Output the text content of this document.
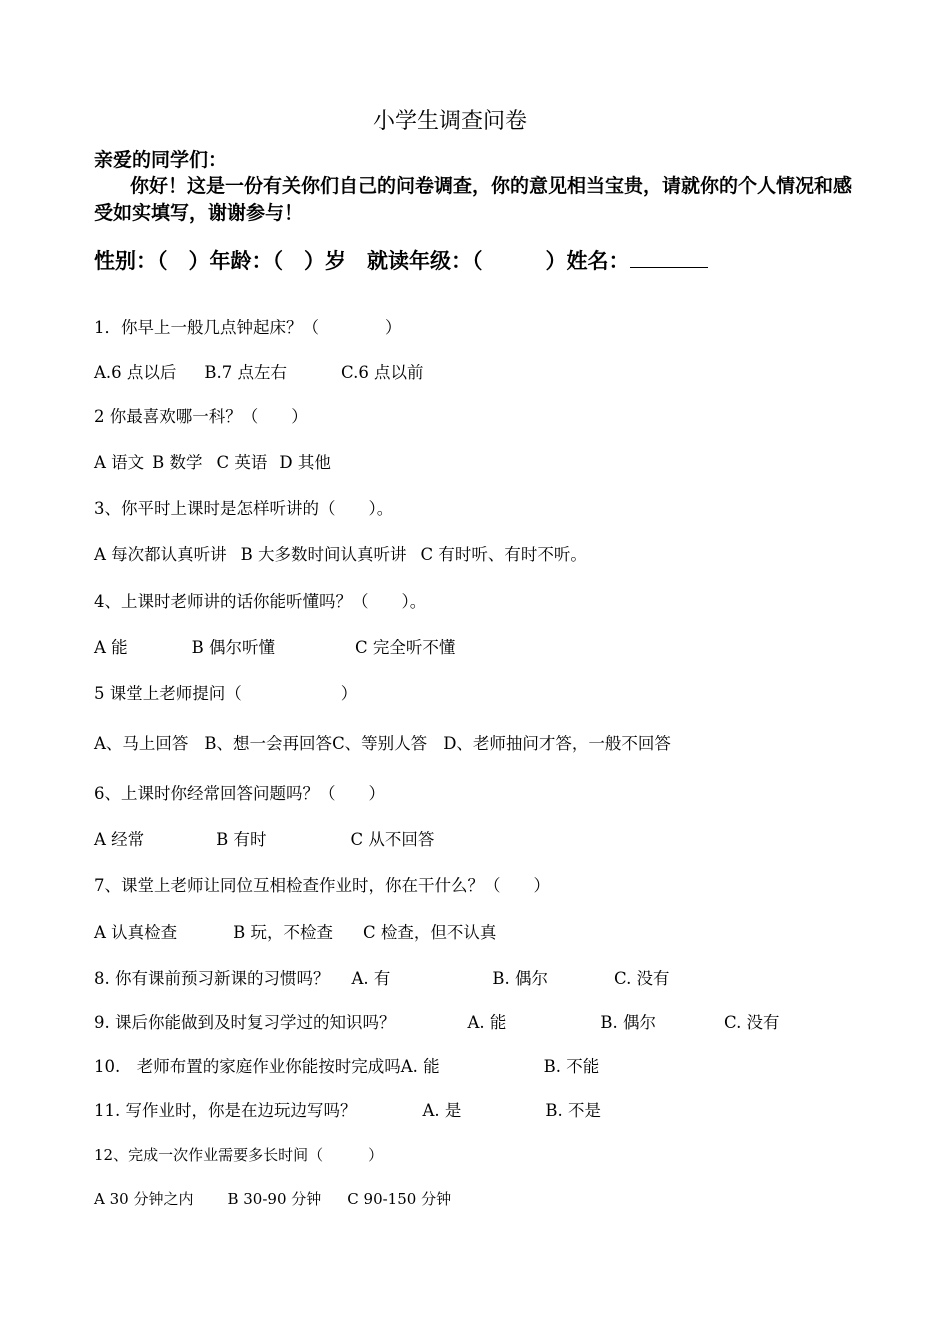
小学生调查问卷
亲爱的同学们：
你好！这是一份有关你们自己的问卷调查，你的意见相当宝贵，请就你的个人情况和感受如实填写，谢谢参与！
性别：（　）年龄：（　）岁　就读年级：（　　　）姓名：
1．你早上一般几点钟起床？（　　　　）
A.6 点以后 B.7 点左右	C.6 点以前
2 你最喜欢哪一科？（　　）
A 语文 B 数学 C 英语 D 其他
3、你平时上课时是怎样听讲的（　　）。
A 每次都认真听讲 B 大多数时间认真听讲 C 有时听、有时不听。
4、上课时老师讲的话你能听懂吗？（　　）。
A 能	B 偶尔听懂	C 完全听不懂
5 课堂上老师提问（　　　　　　）
A、马上回答 B、想一会再回答C、等别人答 D、老师抽问才答，一般不回答
6、上课时你经常回答问题吗？（　　）
A 经常	B 有时	C 从不回答
7、课堂上老师让同位互相检查作业时，你在干什么？（　　）
A 认真检查	B 玩，不检查 C 检查，但不认真
8. 你有课前预习新课的习惯吗？ A. 有	B. 偶尔	C. 没有
9. 课后你能做到及时复习学过的知识吗？	A. 能	B. 偶尔	C. 没有
10.　老师布置的家庭作业你能按时完成吗A. 能	B. 不能
11. 写作业时，你是在边玩边写吗？	A. 是	B. 不是
12、完成一次作业需要多长时间（　　　）
A 30 分钟之内 B 30-90 分钟 C 90-150 分钟
